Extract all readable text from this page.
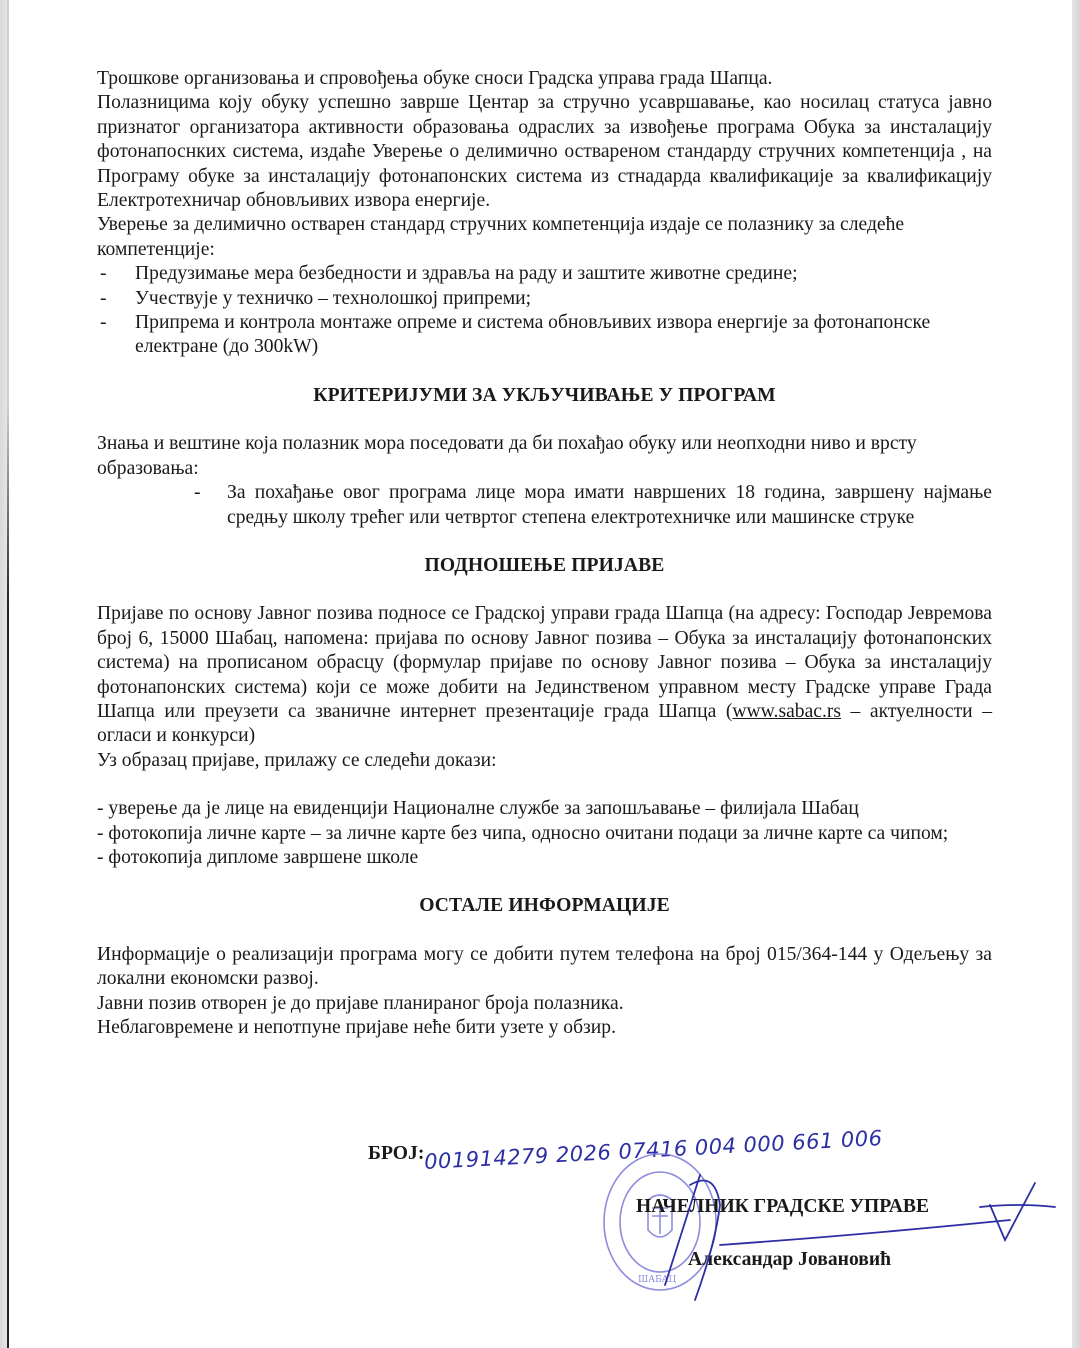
Трошкове организовања и спровођења обуке сноси Градска управа града Шапца.

Полазницима коју обуку успешно заврше Центар за стручно усавршавање, као носилац статуса јавно признатог организатора активности образовања одраслих за извођење програма Обука за инсталацију фотонапоснких система, издаће Уверење о делимично оствареном стандарду стручних компетенција , на Програму обуке за инсталацију фотонапонских система из стнадарда квалификације за квалификацију Електротехничар обновљивих извора енергије.

Уверење за делимично остварен стандард стручних компетенција издаје се полазнику за следеће компетенције:

- Предузимање мера безбедности и здравља на раду и заштите животне средине;
- Учествује у техничко – технолошкој припреми;
- Припрема и контрола монтаже опреме и система обновљивих извора енергије за фотонапонске електране (до 300kW)
КРИТЕРИЈУМИ ЗА УКЉУЧИВАЊЕ У ПРОГРАМ

Знања и вештине која полазник мора поседовати да би похађао обуку или неопходни ниво и врсту образовања:

- За похађање овог програма лице мора имати навршених 18 година, завршену најмање средњу школу трећег или четвртог степена електротехничке или машинске струке
ПОДНОШЕЊЕ ПРИЈАВЕ

Пријаве по основу Јавног позива подносе се Градској управи града Шапца (на адресу: Господар Јевремова број 6, 15000 Шабац, напомена: пријава по основу Јавног позива – Обука за инсталацију фотонапонских система) на прописаном обрасцу (формулар пријаве по основу Јавног позива – Обука за инсталацију фотонапонских система) који се може добити на Јединственом управном месту Градске управе Града Шапца или преузети са званичне интернет презентације града Шапца (www.sabac.rs – актуелности – огласи и конкурси)

Уз образац пријаве, прилажу се следећи докази:

- уверење да је лице на евиденцији Националне службе за запошљавање – филијала Шабац

- фотокопија личне карте – за личне карте без чипа, односно очитани подаци за личне карте са чипом;

- фотокопија дипломе завршене школе

ОСТАЛЕ ИНФОРМАЦИЈЕ

Информације о реализацији програма могу се добити путем телефона на број 015/364-144 у Одељењу за локални економски развој.

Јавни позив отворен је до пријаве планираног броја полазника.

Неблаговремене и непотпуне пријаве неће бити узете у обзир.

БРОЈ:001914279 2026 07416 004 000 661 006
ШАБАЦ
НАЧЕЛНИК ГРАДСКЕ УПРАВЕ
Александар Јовановић
